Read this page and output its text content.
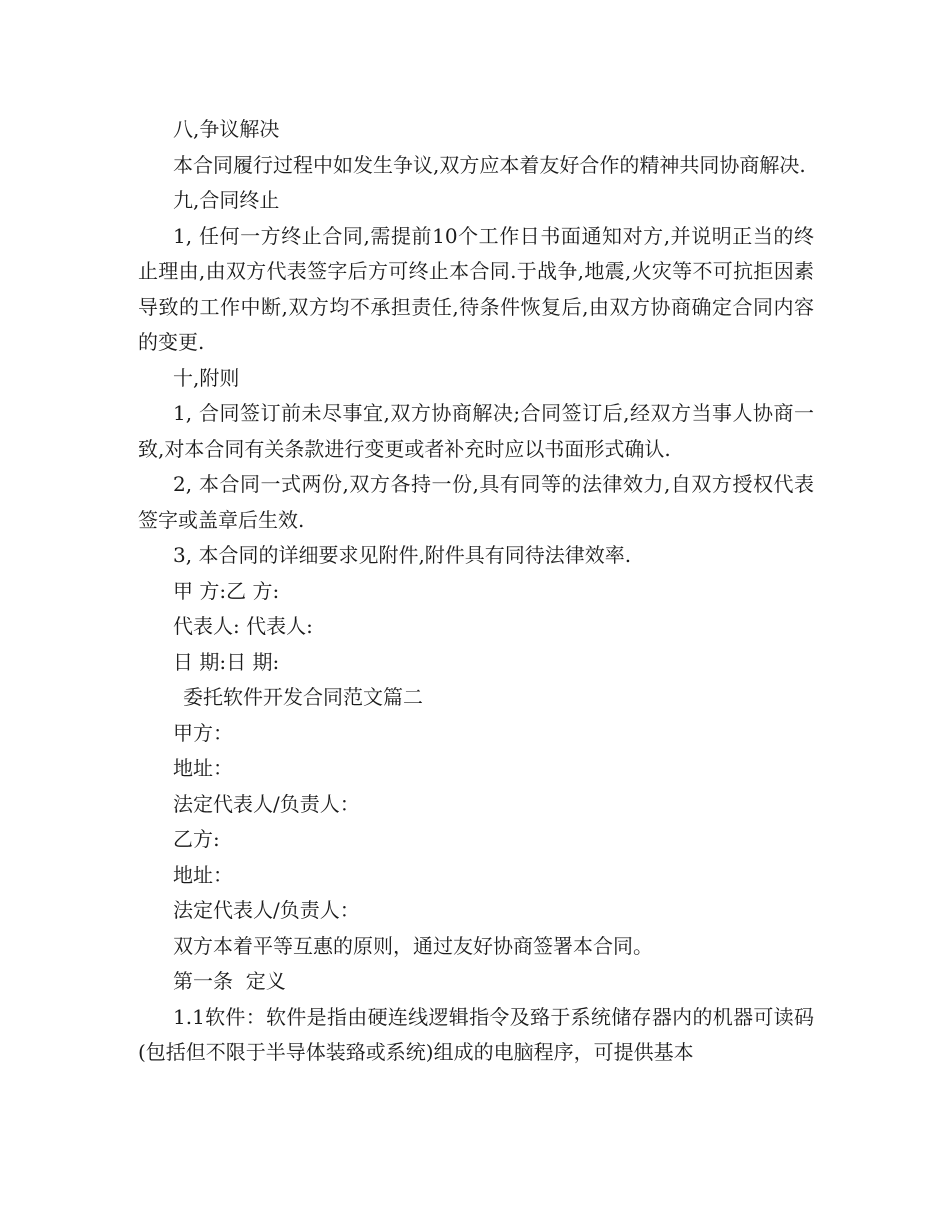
八,争议解决

本合同履行过程中如发生争议,双方应本着友好合作的精神共同协商解决.

九,合同终止

1, 任何一方终止合同,需提前10个工作日书面通知对方,并说明正当的终止理由,由双方代表签字后方可终止本合同.于战争,地震,火灾等不可抗拒因素导致的工作中断,双方均不承担责任,待条件恢复后,由双方协商确定合同内容的变更.

十,附则

1, 合同签订前未尽事宜,双方协商解决;合同签订后,经双方当事人协商一致,对本合同有关条款进行变更或者补充时应以书面形式确认.

2, 本合同一式两份,双方各持一份,具有同等的法律效力,自双方授权代表签字或盖章后生效.

3, 本合同的详细要求见附件,附件具有同待法律效率.

甲 方:乙 方:

代表人: 代表人:

日 期:日 期:

委托软件开发合同范文篇二

甲方：

地址：

法定代表人/负责人：

乙方:

地址：

法定代表人/负责人：

双方本着平等互惠的原则，通过友好协商签署本合同。

第一条  定义

1.1软件：软件是指由硬连线逻辑指令及臵于系统储存器内的机器可读码(包括但不限于半导体装臵或系统)组成的电脑程序，可提供基本
